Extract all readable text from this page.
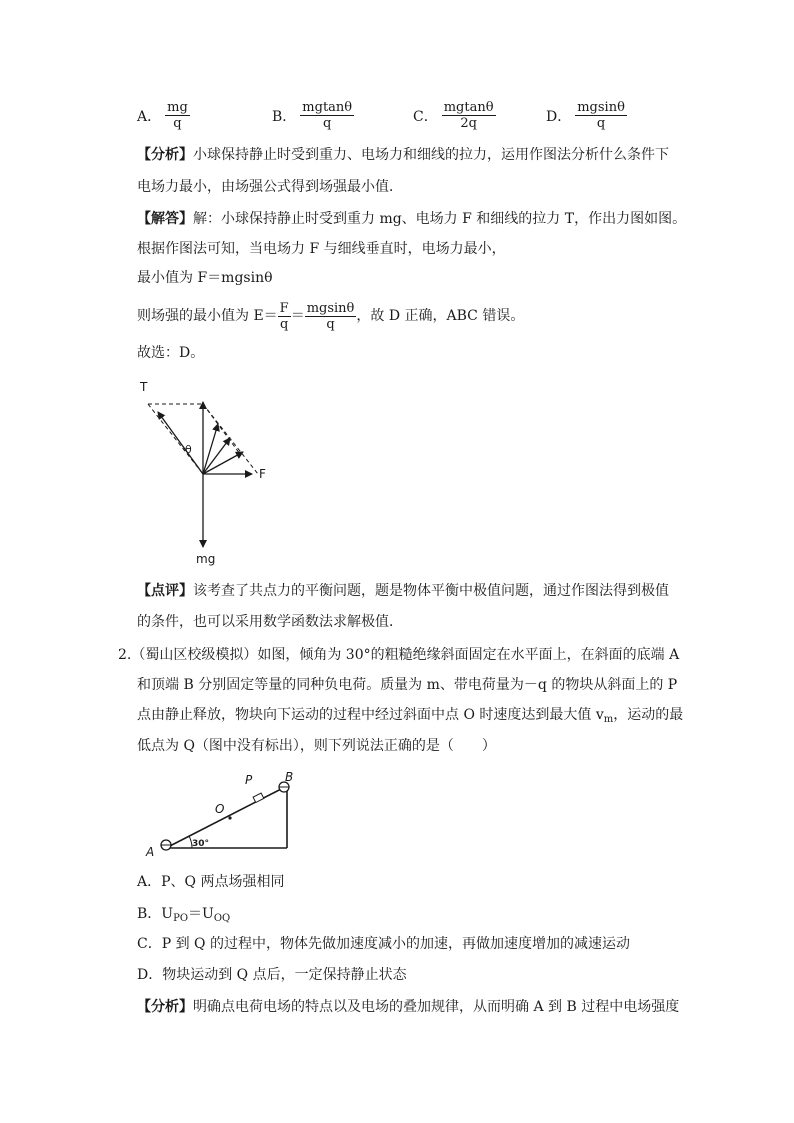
A． $\frac{mg}{q}$	B． $\frac{mgtan\theta}{q}$	C． $\frac{mgtan\theta}{2q}$	D． $\frac{mgsin\theta}{q}$
【分析】小球保持静止时受到重力、电场力和细线的拉力，运用作图法分析什么条件下
电场力最小，由场强公式得到场强最小值．
【解答】解：小球保持静止时受到重力 mg、电场力 F 和细线的拉力 T，作出力图如图。
根据作图法可知，当电场力 F 与细线垂直时，电场力最小，
最小值为 F＝mgsinθ
则场强的最小值为 $E= \frac{F}{q} = \frac{mgsin\theta}{q}$ ，故 D 正确，ABC 错误。
故选：D。
T
θ
F
mg
【点评】该考查了共点力的平衡问题，题是物体平衡中极值问题，通过作图法得到极值
的条件，也可以采用数学函数法求解极值．
2.（蜀山区校级模拟）如图，倾角为 30°的粗糙绝缘斜面固定在水平面上，在斜面的底端 A
和顶端 B 分别固定等量的同种负电荷。质量为 m、带电荷量为－q 的物块从斜面上的 P
点由静止释放，物块向下运动的过程中经过斜面中点 O 时速度达到最大值 $v_m$，运动的最
低点为 Q（图中没有标出），则下列说法正确的是（　　）
A
B
P
O
30°
A．P、Q 两点场强相同
B．$U_{PO}=U_{OQ}$
C．P 到 Q 的过程中，物体先做加速度减小的加速，再做加速度增加的减速运动
D．物块运动到 Q 点后，一定保持静止状态
【分析】明确点电荷电场的特点以及电场的叠加规律，从而明确 A 到 B 过程中电场强度
